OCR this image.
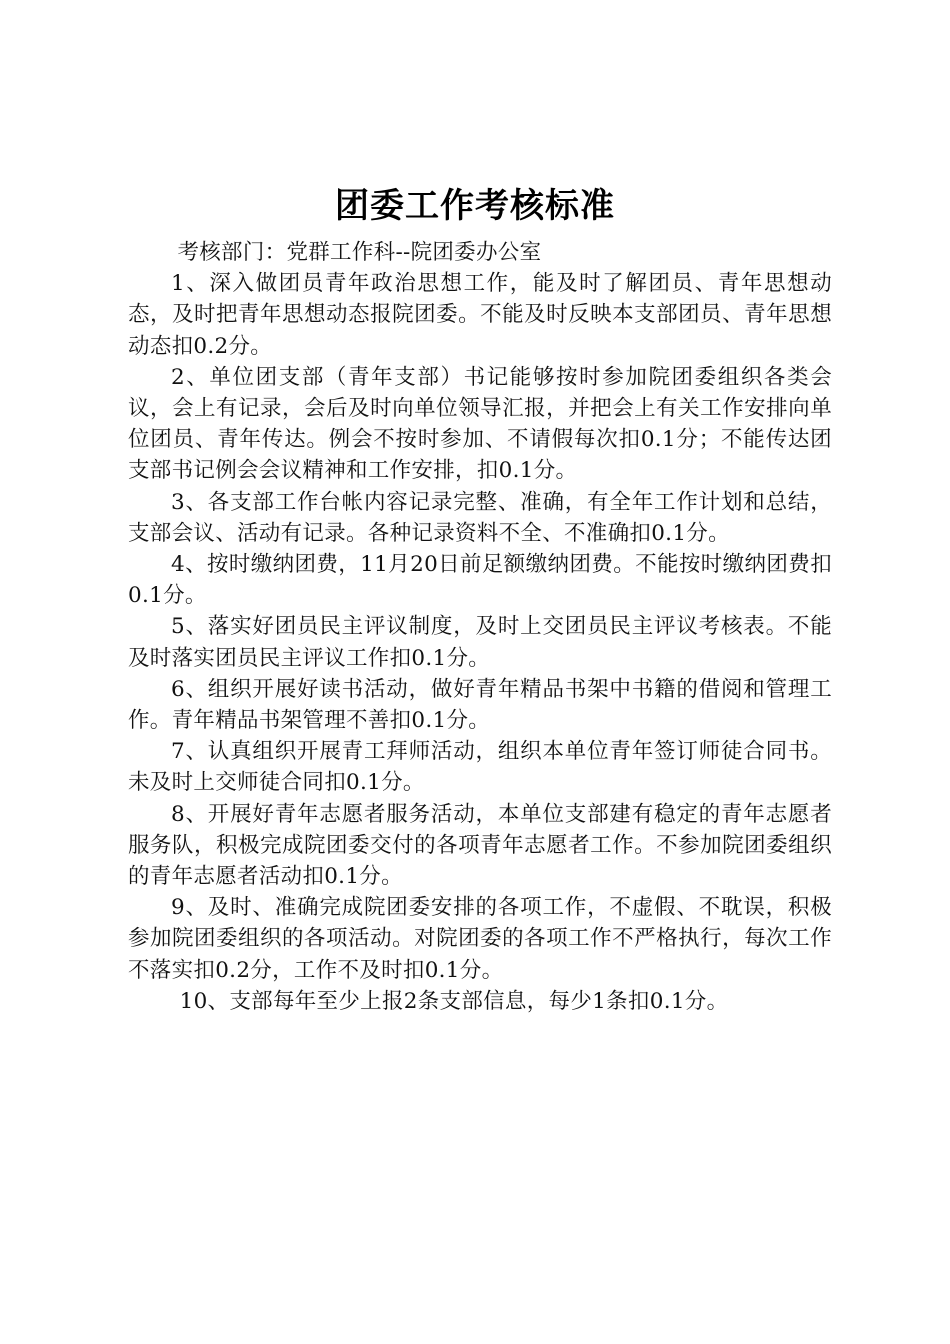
团委工作考核标准

考核部门：党群工作科--院团委办公室

1、深入做团员青年政治思想工作，能及时了解团员、青年思想动态，及时把青年思想动态报院团委。不能及时反映本支部团员、青年思想动态扣0.2分。

2、单位团支部（青年支部）书记能够按时参加院团委组织各类会议，会上有记录，会后及时向单位领导汇报，并把会上有关工作安排向单位团员、青年传达。例会不按时参加、不请假每次扣0.1分；不能传达团支部书记例会会议精神和工作安排，扣0.1分。

3、各支部工作台帐内容记录完整、准确，有全年工作计划和总结，支部会议、活动有记录。各种记录资料不全、不准确扣0.1分。

4、按时缴纳团费，11月20日前足额缴纳团费。不能按时缴纳团费扣0.1分。

5、落实好团员民主评议制度，及时上交团员民主评议考核表。不能及时落实团员民主评议工作扣0.1分。

6、组织开展好读书活动，做好青年精品书架中书籍的借阅和管理工作。青年精品书架管理不善扣0.1分。

7、认真组织开展青工拜师活动，组织本单位青年签订师徒合同书。未及时上交师徒合同扣0.1分。

8、开展好青年志愿者服务活动，本单位支部建有稳定的青年志愿者服务队，积极完成院团委交付的各项青年志愿者工作。不参加院团委组织的青年志愿者活动扣0.1分。

9、及时、准确完成院团委安排的各项工作，不虚假、不耽误，积极参加院团委组织的各项活动。对院团委的各项工作不严格执行，每次工作不落实扣0.2分，工作不及时扣0.1分。

10、支部每年至少上报2条支部信息，每少1条扣0.1分。
